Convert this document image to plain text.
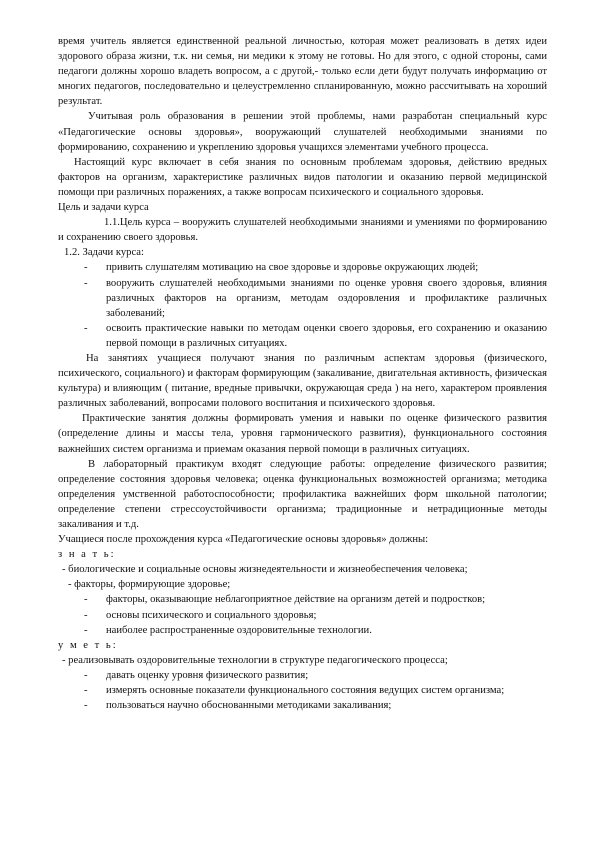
время учитель является единственной реальной личностью, которая может реализовать в детях идеи здорового образа жизни, т.к. ни семья, ни медики к этому не готовы. Но для этого, с одной стороны, сами педагоги должны хорошо владеть вопросом, а с другой,- только если дети будут получать информацию от многих педагогов, последовательно и целеустремленно спланированную, можно рассчитывать на хороший результат.

Учитывая роль образования в решении этой проблемы, нами разработан специальный курс «Педагогические основы здоровья», вооружающий слушателей необходимыми знаниями по формированию, сохранению и укреплению здоровья учащихся элементами учебного процесса.

Настоящий курс включает в себя знания по основным проблемам здоровья, действию вредных факторов на организм, характеристике различных видов патологии и оказанию первой медицинской помощи при различных поражениях, а также вопросам психического и социального здоровья.

Цель и задачи курса

1.1.Цель курса – вооружить слушателей необходимыми знаниями и умениями по формированию и сохранению своего здоровья.

1.2. Задачи курса:

- привить слушателям мотивацию на свое здоровье и здоровье окружающих людей;
- вооружить слушателей необходимыми знаниями по оценке уровня своего здоровья, влияния различных факторов на организм, методам оздоровления и профилактике различных заболеваний;
- освоить практические навыки по методам оценки своего здоровья, его сохранению и оказанию первой помощи в различных ситуациях.

На занятиях учащиеся получают знания по различным аспектам здоровья (физического, психического, социального) и факторам формирующим (закаливание, двигательная активность, физическая культура) и влияющим ( питание, вредные привычки, окружающая среда ) на него, характером проявления различных заболеваний, вопросами полового воспитания и психического здоровья.

Практические занятия должны формировать умения и навыки по оценке физического развития (определение длины и массы тела, уровня гармонического развития), функционального состояния важнейших систем организма и приемам оказания первой помощи в различных ситуациях.

В лабораторный практикум входят следующие работы: определение физического развития; определение состояния здоровья человека; оценка функциональных возможностей организма; методика определения умственной работоспособности; профилактика важнейших форм школьной патологии; определение степени стрессоустойчивости организма; традиционные и нетрадиционные методы закаливания и т.д.

Учащиеся после прохождения курса «Педагогические основы здоровья» должны:

з н а т ь:

- биологические и социальные основы жизнедеятельности и жизнеобеспечения человека;

- факторы, формирующие здоровье;

- факторы, оказывающие неблагоприятное действие на организм детей и подростков;
- основы психического и социального здоровья;
- наиболее распространенные оздоровительные технологии.

у м е т ь:

- реализовывать оздоровительные технологии в структуре педагогического процесса;

- давать оценку уровня физического развития;
- измерять основные показатели функционального состояния ведущих систем организма;
- пользоваться научно обоснованными методиками закаливания;
